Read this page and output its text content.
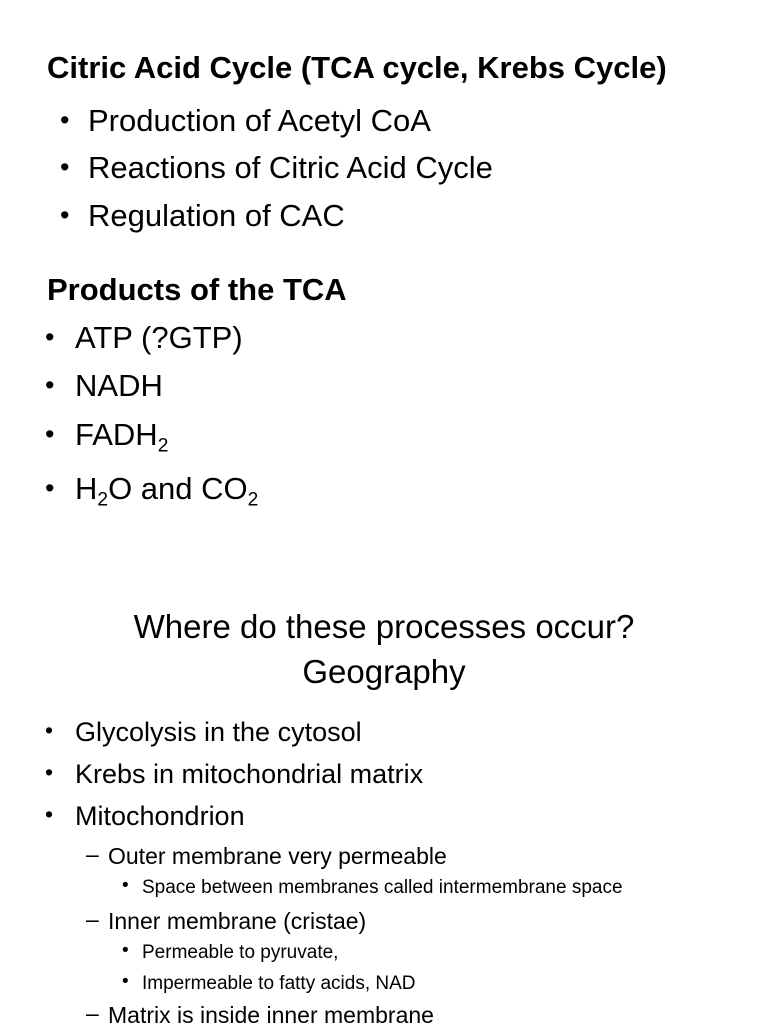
Citric Acid Cycle (TCA cycle, Krebs Cycle)
• Production of Acetyl CoA
• Reactions of Citric Acid Cycle
• Regulation of CAC
Products of the TCA
• ATP (?GTP)
• NADH
• $FADH_2$
• $H_2O$ and $CO_2$
Where do these processes occur?
Geography
• Glycolysis in the cytosol
• Krebs in mitochondrial matrix
• Mitochondrion
– Outer membrane very permeable
• Space between membranes called intermembrane space
– Inner membrane (cristae)
• Permeable to pyruvate,
• Impermeable to fatty acids, NAD
– Matrix is inside inner membrane
